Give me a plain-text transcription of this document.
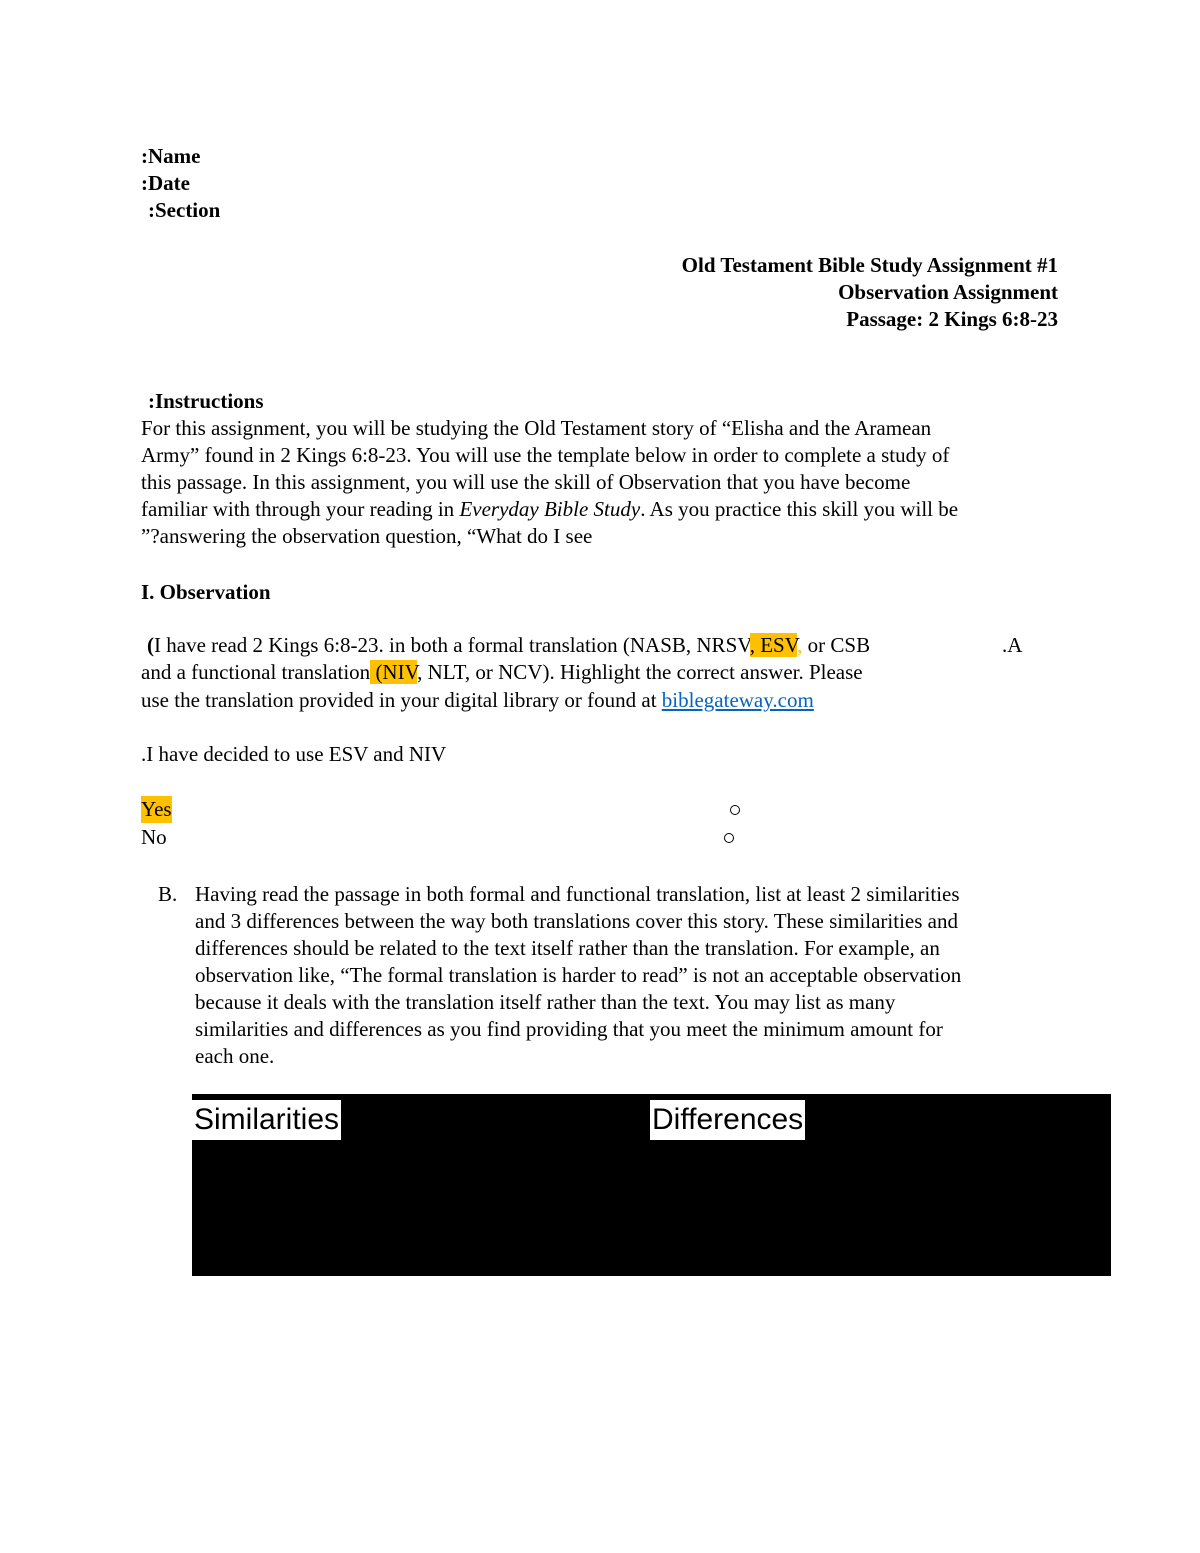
:Name
:Date
:Section
Old Testament Bible Study Assignment #1
Observation Assignment
Passage: 2 Kings 6:8-23
:Instructions
For this assignment, you will be studying the Old Testament story of “Elisha and the Aramean
Army” found in 2 Kings 6:8-23. You will use the template below in order to complete a study of
this passage. In this assignment, you will use the skill of Observation that you have become
familiar with through your reading in Everyday Bible Study. As you practice this skill you will be
”?answering the observation question, “What do I see
I. Observation
(I have read 2 Kings 6:8-23. in both a formal translation (NASB, NRSV, ESV, or CSB	.A
and a functional translation (NIV, NLT, or NCV). Highlight the correct answer. Please
use the translation provided in your digital library or found at biblegateway.com
.I have decided to use ESV and NIV
Yes
No
B. Having read the passage in both formal and functional translation, list at least 2 similarities
and 3 differences between the way both translations cover this story. These similarities and
differences should be related to the text itself rather than the translation. For example, an
observation like, “The formal translation is harder to read” is not an acceptable observation
because it deals with the translation itself rather than the text. You may list as many
similarities and differences as you find providing that you meet the minimum amount for
each one.
Similarities	Differences
